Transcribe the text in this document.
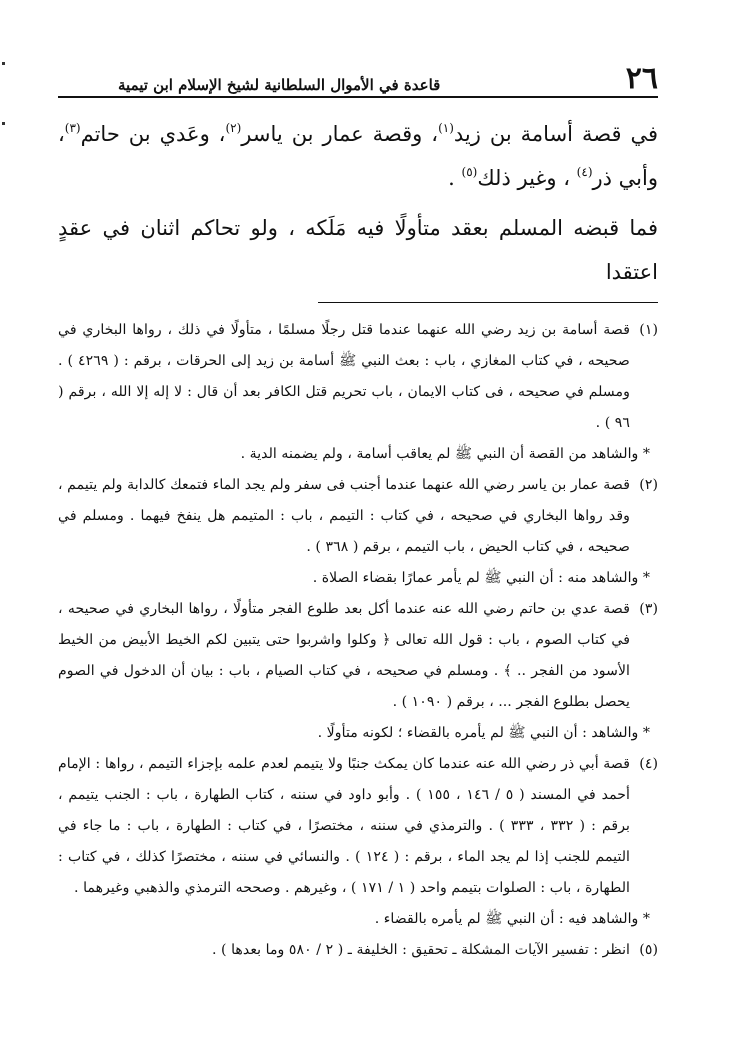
٢٦
قاعدة في الأموال السلطانية لشيخ الإسلام ابن تيمية

في قصة أسامة بن زيد$^{(١)}$، وقصة عمار بن ياسر$^{(٢)}$، وعَدي بن حاتم$^{(٣)}$، وأبي ذر$^{(٤)}$ ، وغير ذلك$^{(٥)}$ .

فما قبضه المسلم بعقد متأولًا فيه مَلَكه ، ولو تحاكم اثنان في عقدٍ اعتقدا

(١)
قصة أسامة بن زيد رضي الله عنهما عندما قتل رجلًا مسلمًا ، متأولًا في ذلك ، رواها البخاري في صحيحه ، في كتاب المغازي ، باب : بعث النبي ﷺ أسامة بن زيد إلى الحرقات ، برقم : ( ٤٢٦٩ ) . ومسلم في صحيحه ، فى كتاب الايمان ، باب تحريم قتل الكافر بعد أن قال : لا إله إلا الله ، برقم ( ٩٦ ) .
* والشاهد من القصة أن النبي ﷺ لم يعاقب أسامة ، ولم يضمنه الدية .
(٢)
قصة عمار بن ياسر رضي الله عنهما عندما أجنب فى سفر ولم يجد الماء فتمعك كالدابة ولم يتيمم ، وقد رواها البخاري في صحيحه ، في كتاب : التيمم ، باب : المتيمم هل ينفخ فيهما . ومسلم في صحيحه ، في كتاب الحيض ، باب التيمم ، برقم ( ٣٦٨ ) .
* والشاهد منه : أن النبي ﷺ لم يأمر عمارًا بقضاء الصلاة .
(٣)
قصة عدي بن حاتم رضي الله عنه عندما أكل بعد طلوع الفجر متأولًا ، رواها البخاري في صحيحه ، في كتاب الصوم ، باب : قول الله تعالى ﴿ وكلوا واشربوا حتى يتبين لكم الخيط الأبيض من الخيط الأسود من الفجر .. ﴾ . ومسلم في صحيحه ، في كتاب الصيام ، باب : بيان أن الدخول في الصوم يحصل بطلوع الفجر ... ، برقم ( ١٠٩٠ ) .
* والشاهد : أن النبي ﷺ لم يأمره بالقضاء ؛ لكونه متأولًا .
(٤)
قصة أبي ذر رضي الله عنه عندما كان يمكث جنبًا ولا يتيمم لعدم علمه بإجزاء التيمم ، رواها : الإمام أحمد في المسند ( ٥ / ١٤٦ ، ١٥٥ ) . وأبو داود في سننه ، كتاب الطهارة ، باب : الجنب يتيمم ، برقم : ( ٣٣٢ ، ٣٣٣ ) . والترمذي في سننه ، مختصرًا ، في كتاب : الطهارة ، باب : ما جاء في التيمم للجنب إذا لم يجد الماء ، برقم : ( ١٢٤ ) . والنسائي في سننه ، مختصرًا كذلك ، في كتاب : الطهارة ، باب : الصلوات بتيمم واحد ( ١ / ١٧١ ) ، وغيرهم . وصححه الترمذي والذهبي وغيرهما .
* والشاهد فيه : أن النبي ﷺ لم يأمره بالقضاء .
(٥)
انظر : تفسير الآيات المشكلة ـ تحقيق : الخليفة ـ ( ٢ / ٥٨٠ وما بعدها ) .
